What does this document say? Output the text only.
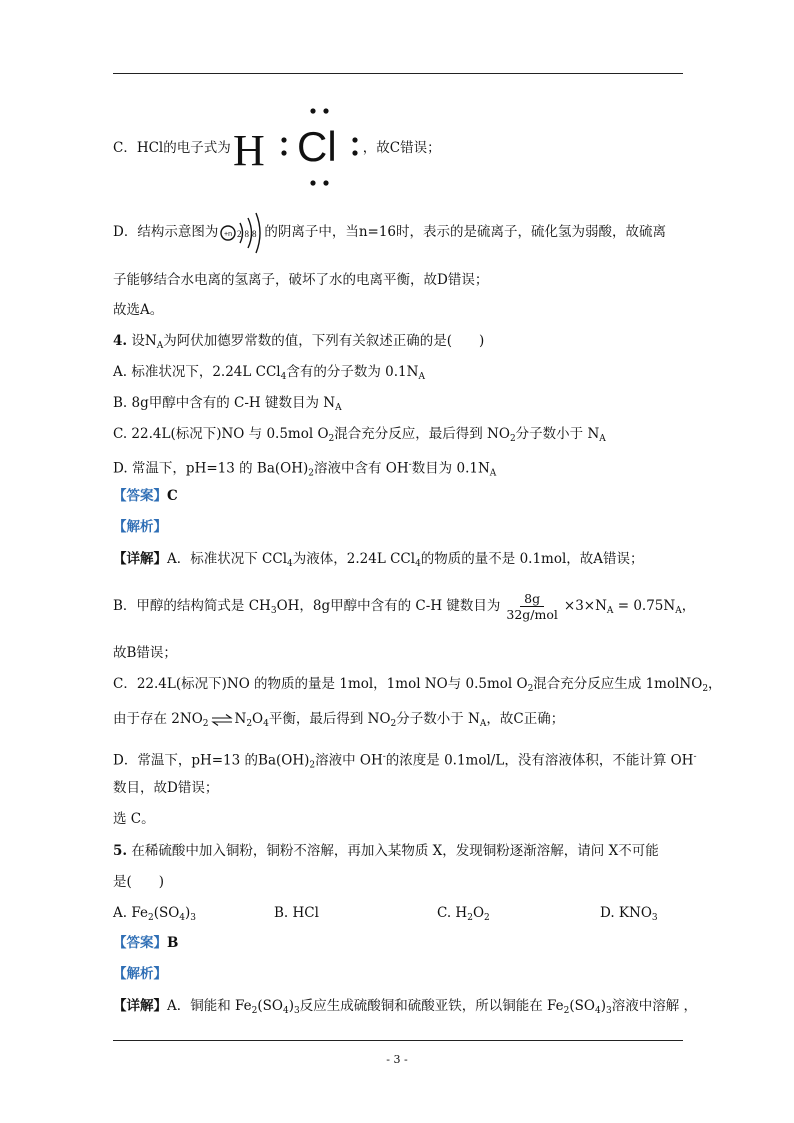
C．HCl的电子式为 H Cl ，故C错误；
D．结构示意图为 +n 288 的阴离子中，当n=16时，表示的是硫离子，硫化氢为弱酸，故硫离
子能够结合水电离的氢离子，破坏了水的电离平衡，故D错误；
故选A。
4. 设$N_A$为阿伏加德罗常数的值，下列有关叙述正确的是(　　)
A. 标准状况下，2.24L CCl$_4$含有的分子数为 $0.1N_A$
B. 8g甲醇中含有的 C-H 键数目为 $N_A$
C. 22.4L(标况下)NO 与 0.5mol $O_2$混合充分反应，最后得到 $NO_2$分子数小于 $N_A$
D. 常温下，pH=13 的 $Ba(OH)_2$溶液中含有 OH-数目为 $0.1N_A$
【答案】C
【解析】
【详解】A．标准状况下 CCl$_4$为液体，2.24L CCl$_4$的物质的量不是 0.1mol，故A错误；
B．甲醇的结构简式是 $CH_3OH$，8g甲醇中含有的 C-H 键数目为 $\frac{8g}{\text{32g/mol}} \times 3\times N_A = 0.75N_A$，
故B错误；
C．22.4L(标况下)NO 的物质的量是 1mol，1mol NO与 0.5mol $O_2$混合充分反应生成 1molNO$_2$，
由于存在 $2NO_2$ ⇌ $N_2O_4$平衡，最后得到 $NO_2$分子数小于 $N_A$，故C正确；
D．常温下，pH=13 的$Ba(OH)_2$溶液中 OH-的浓度是 0.1mol/L，没有溶液体积，不能计算 OH-
数目，故D错误；
选 C。
5. 在稀硫酸中加入铜粉，铜粉不溶解，再加入某物质 X，发现铜粉逐渐溶解，请问 X不可能
是(　　)
A. $Fe_2(SO_4)_3$	B. HCl	C. $H_2O_2$	D. $KNO_3$
【答案】B
【解析】
【详解】A．铜能和 $Fe_2(SO_4)_3$反应生成硫酸铜和硫酸亚铁，所以铜能在 $Fe_2(SO_4)_3$溶液中溶解 ，
- 3 -
